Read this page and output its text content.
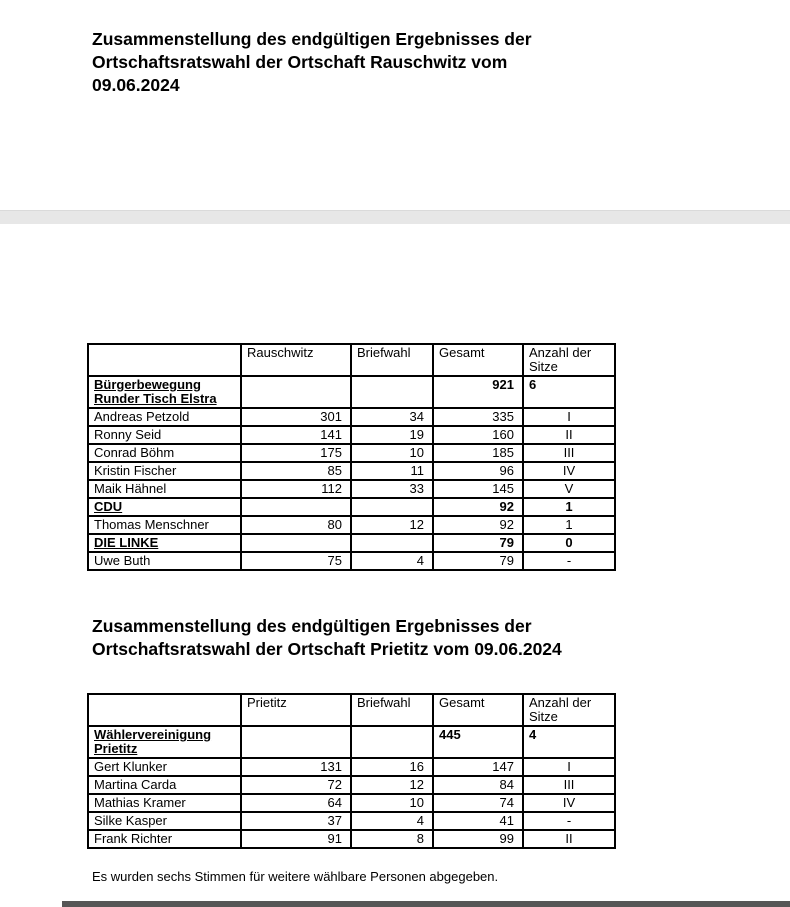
Zusammenstellung des endgültigen Ergebnisses der
Ortschaftsratswahl der Ortschaft Rauschwitz vom
09.06.2024
	Rauschwitz	Briefwahl	Gesamt	Anzahl der Sitze
Bürgerbewegung Runder Tisch Elstra			921	6
Andreas Petzold	301	34	335	I
Ronny Seid	141	19	160	II
Conrad Böhm	175	10	185	III
Kristin Fischer	85	11	96	IV
Maik Hähnel	112	33	145	V
CDU			92	1
Thomas Menschner	80	12	92	1
DIE LINKE			79	0
Uwe Buth	75	4	79	-
Zusammenstellung des endgültigen Ergebnisses der
Ortschaftsratswahl der Ortschaft Prietitz vom 09.06.2024
	Prietitz	Briefwahl	Gesamt	Anzahl der Sitze
Wählervereinigung Prietitz			445	4
Gert Klunker	131	16	147	I
Martina Carda	72	12	84	III
Mathias Kramer	64	10	74	IV
Silke Kasper	37	4	41	-
Frank Richter	91	8	99	II
Es wurden sechs Stimmen für weitere wählbare Personen abgegeben.
